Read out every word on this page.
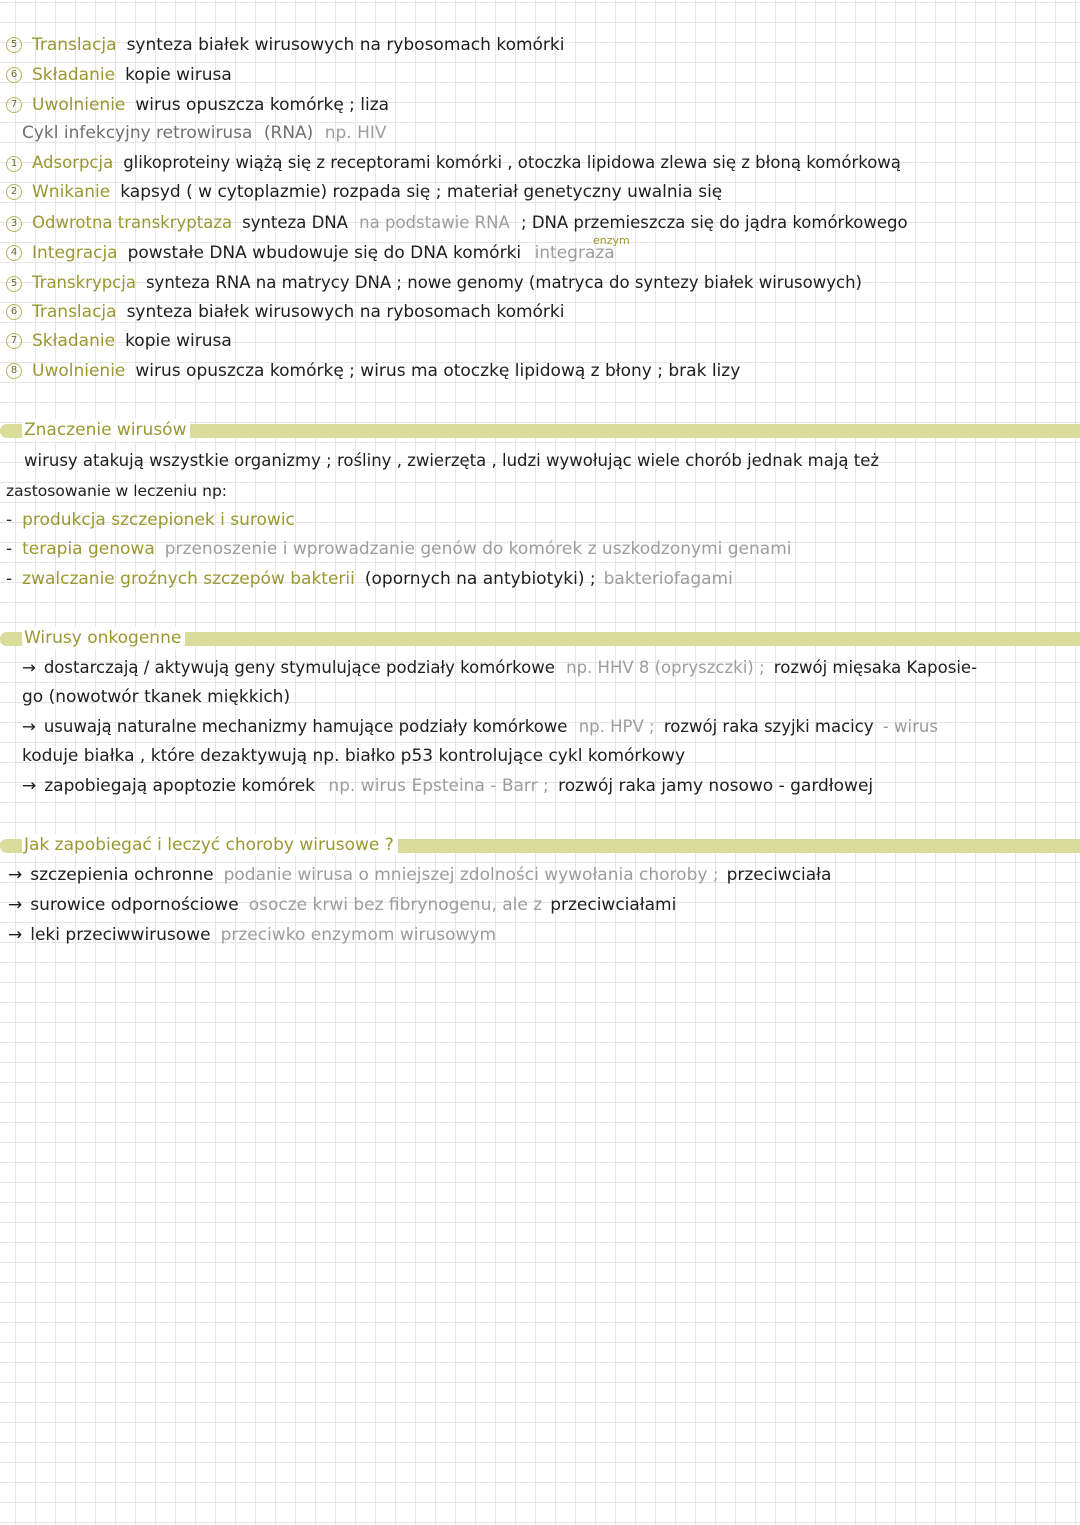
5 Translacja synteza białek wirusowych na rybosomach komórki
6 Składanie kopie wirusa
7 Uwolnienie wirus opuszcza komórkę ; liza
Cykl infekcyjny retrowirusa (RNA) np. HIV
1 Adsorpcja glikoproteiny wiążą się z receptorami komórki , otoczka lipidowa zlewa się z błoną komórkową
2 Wnikanie kapsyd ( w cytoplazmie) rozpada się ; materiał genetyczny uwalnia się
3 Odwrotna transkryptaza synteza DNA na podstawie RNA ; DNA przemieszcza się do jądra komórkowego
enzym
4 Integracja powstałe DNA wbudowuje się do DNA komórki integraza
5 Transkrypcja synteza RNA na matrycy DNA ; nowe genomy (matryca do syntezy białek wirusowych)
6 Translacja synteza białek wirusowych na rybosomach komórki
7 Składanie kopie wirusa
8 Uwolnienie wirus opuszcza komórkę ; wirus ma otoczkę lipidową z błony ; brak lizy
Znaczenie wirusów
wirusy atakują wszystkie organizmy ; rośliny , zwierzęta , ludzi wywołując wiele chorób jednak mają też
zastosowanie w leczeniu np:
- produkcja szczepionek i surowic
- terapia genowa przenoszenie i wprowadzanie genów do komórek z uszkodzonymi genami
- zwalczanie groźnych szczepów bakterii (opornych na antybiotyki) ; bakteriofagami
Wirusy onkogenne
→ dostarczają / aktywują geny stymulujące podziały komórkowe np. HHV 8 (opryszczki) ; rozwój mięsaka Kaposie-
go (nowotwór tkanek miękkich)
→ usuwają naturalne mechanizmy hamujące podziały komórkowe np. HPV ; rozwój raka szyjki macicy - wirus
koduje białka , które dezaktywują np. białko p53 kontrolujące cykl komórkowy
→ zapobiegają apoptozie komórek np. wirus Epsteina - Barr ; rozwój raka jamy nosowo - gardłowej
Jak zapobiegać i leczyć choroby wirusowe ?
→ szczepienia ochronne podanie wirusa o mniejszej zdolności wywołania choroby ; przeciwciała
→ surowice odpornościowe osocze krwi bez fibrynogenu, ale z przeciwciałami
→ leki przeciwwirusowe przeciwko enzymom wirusowym
